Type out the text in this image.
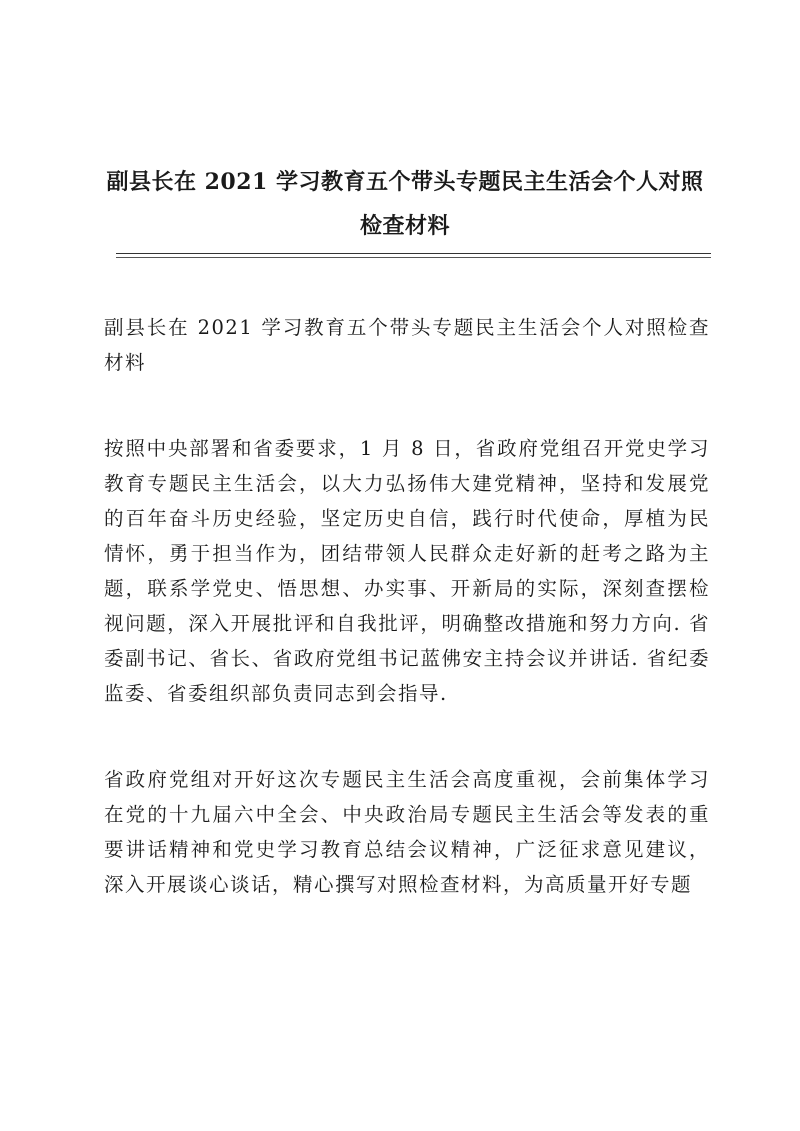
副县长在 2021 学习教育五个带头专题民主生活会个人对照检查材料

副县长在 2021 学习教育五个带头专题民主生活会个人对照检查材料

按照中央部署和省委要求，1 月 8 日，省政府党组召开党史学习教育专题民主生活会，以大力弘扬伟大建党精神，坚持和发展党的百年奋斗历史经验，坚定历史自信，践行时代使命，厚植为民情怀，勇于担当作为，团结带领人民群众走好新的赶考之路为主题，联系学党史、悟思想、办实事、开新局的实际，深刻查摆检视问题，深入开展批评和自我批评，明确整改措施和努力方向. 省委副书记、省长、省政府党组书记蓝佛安主持会议并讲话. 省纪委监委、省委组织部负责同志到会指导.

省政府党组对开好这次专题民主生活会高度重视，会前集体学习在党的十九届六中全会、中央政治局专题民主生活会等发表的重要讲话精神和党史学习教育总结会议精神，广泛征求意见建议，深入开展谈心谈话，精心撰写对照检查材料，为高质量开好专题
